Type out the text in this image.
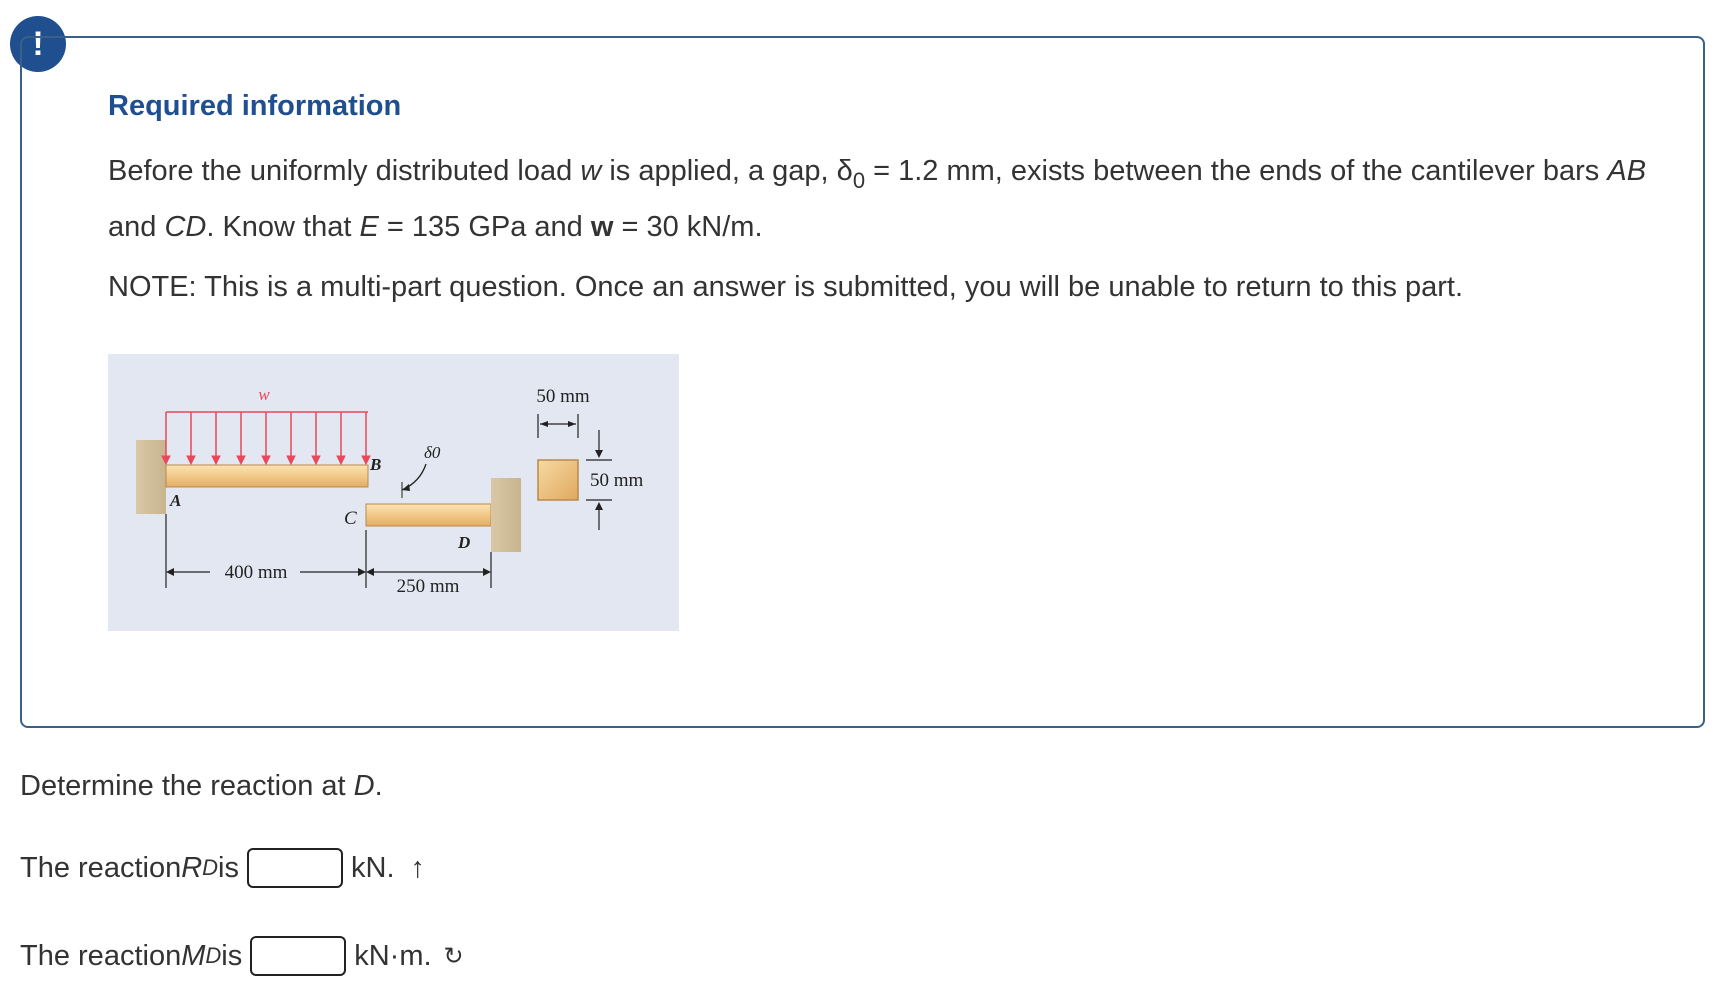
!
Required information
Before the uniformly distributed load w is applied, a gap, $\delta_0 = 1.2$ mm, exists between the ends of the cantilever bars AB and CD. Know that E = 135 GPa and w = 30 kN/m.
NOTE: This is a multi-part question. Once an answer is submitted, you will be unable to return to this part.
w
A
B
C
D
δ0
400 mm
250 mm
50 mm
50 mm
Determine the reaction at D.
The reaction R D is	kN. ↑
The reaction M D is	kN·m. ↻
